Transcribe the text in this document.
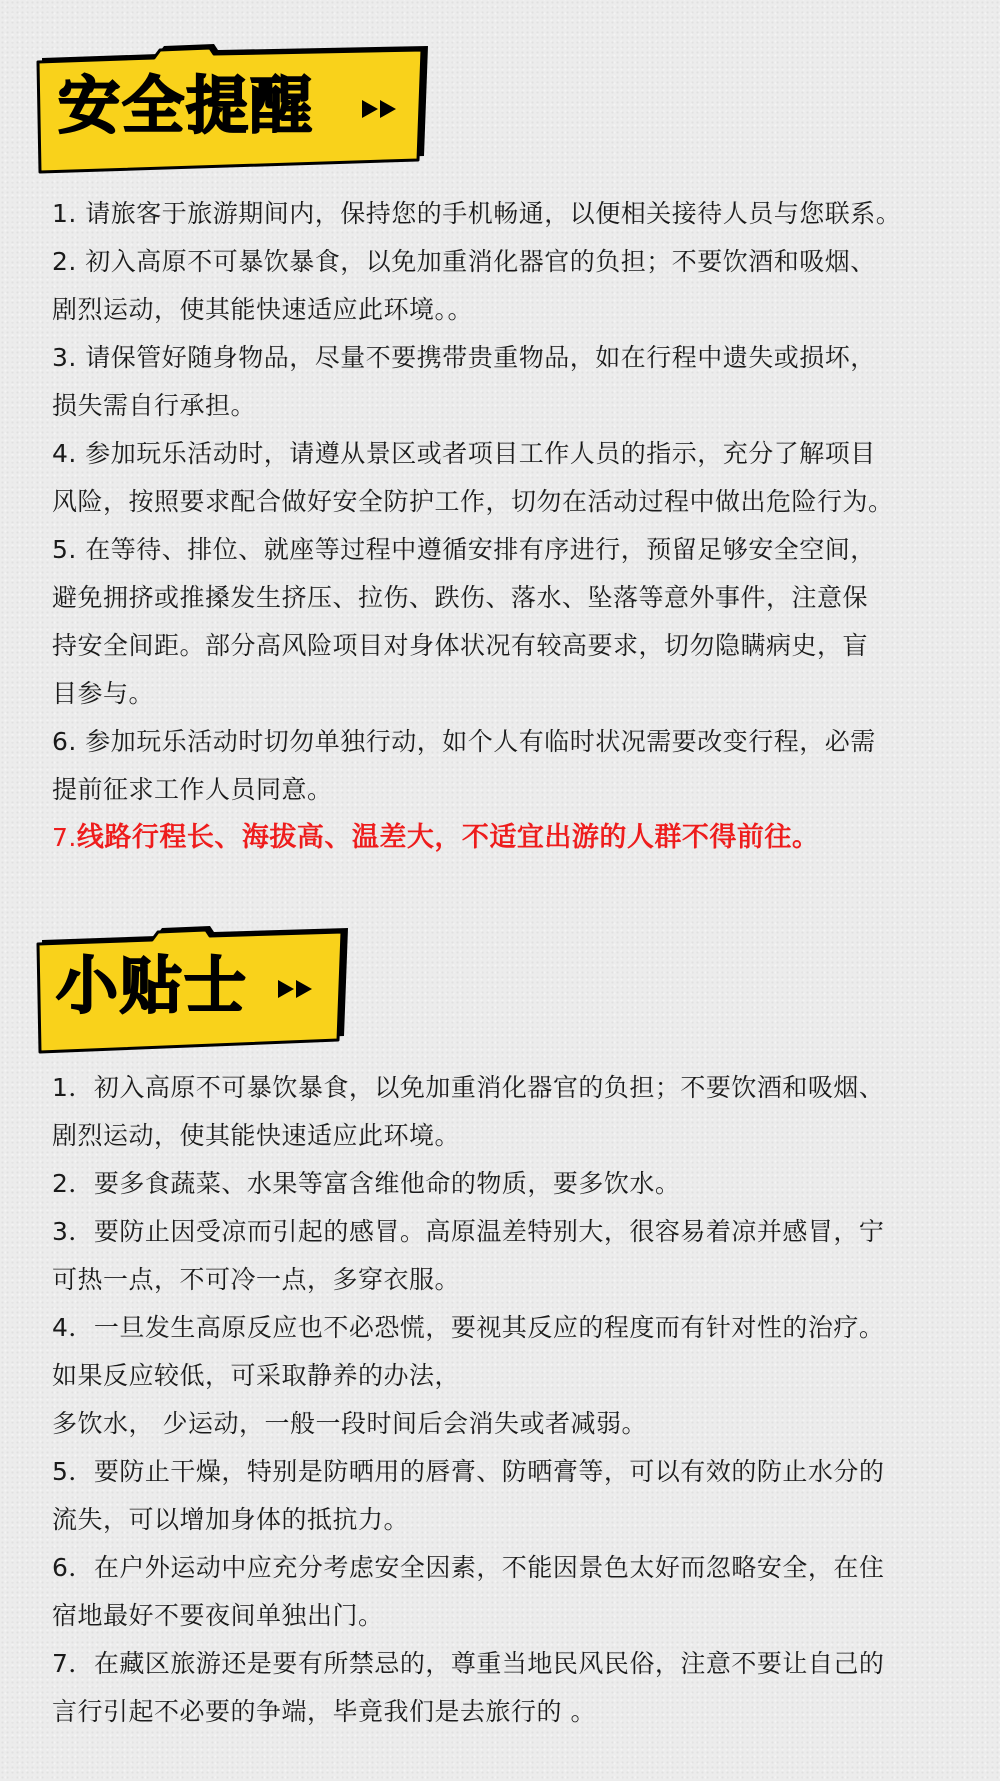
安全提醒
1. 请旅客于旅游期间内，保持您的手机畅通，以便相关接待人员与您联系。
2. 初入高原不可暴饮暴食，以免加重消化器官的负担；不要饮酒和吸烟、
剧烈运动，使其能快速适应此环境。。
3. 请保管好随身物品，尽量不要携带贵重物品，如在行程中遗失或损坏，
损失需自行承担。
4. 参加玩乐活动时，请遵从景区或者项目工作人员的指示，充分了解项目
风险，按照要求配合做好安全防护工作，切勿在活动过程中做出危险行为。
5. 在等待、排位、就座等过程中遵循安排有序进行，预留足够安全空间，
避免拥挤或推搡发生挤压、拉伤、跌伤、落水、坠落等意外事件，注意保
持安全间距。部分高风险项目对身体状况有较高要求，切勿隐瞒病史，盲
目参与。
6. 参加玩乐活动时切勿单独行动，如个人有临时状况需要改变行程，必需
提前征求工作人员同意。
7.线路行程长、海拔高、温差大，不适宜出游的人群不得前往。
小贴士
1．初入高原不可暴饮暴食，以免加重消化器官的负担；不要饮酒和吸烟、
剧烈运动，使其能快速适应此环境。
2．要多食蔬菜、水果等富含维他命的物质，要多饮水。
3．要防止因受凉而引起的感冒。高原温差特别大，很容易着凉并感冒，宁
可热一点，不可冷一点，多穿衣服。
4．一旦发生高原反应也不必恐慌，要视其反应的程度而有针对性的治疗。
如果反应较低，可采取静养的办法，
多饮水， 少运动，一般一段时间后会消失或者减弱。
5．要防止干燥，特别是防晒用的唇膏、防晒膏等，可以有效的防止水分的
流失，可以增加身体的抵抗力。
6．在户外运动中应充分考虑安全因素，不能因景色太好而忽略安全，在住
宿地最好不要夜间单独出门。
7．在藏区旅游还是要有所禁忌的，尊重当地民风民俗，注意不要让自己的
言行引起不必要的争端，毕竟我们是去旅行的 。
